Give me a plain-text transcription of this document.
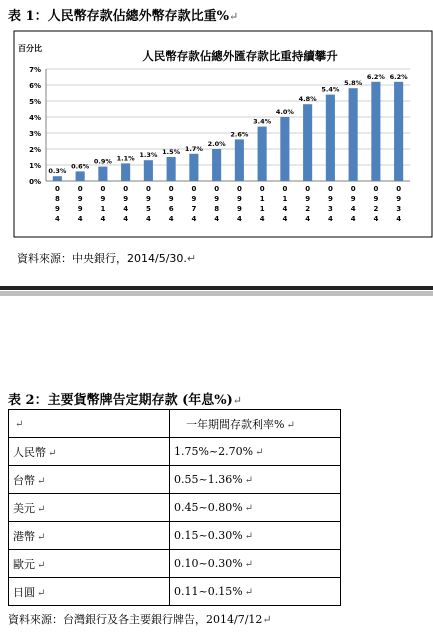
表 1：人民幣存款佔總外幣存款比重%↵
0.3%
0.6%
0.9% 1.1% 1.3% 1.5% 1.7%
2.0%
2.6%
3.4%
4.0%
4.8%
5.4%
5.8%
6.2% 6.2%
0%
1%
2%
3%
4%
5%
6%
7%
0 8 9 4
0 9 9 4
0 9 1 4
0 9 4 4
0 9 5 4
0 9 6 4
0 9 7 4
0 9 8 4
0 9 9 4
0 1 1 4
0 1 4 4
0 9 2 4
0 9 3 4
0 9 4 4
0 9 2 4
0 9 3 4
人民幣存款佔總外匯存款比重持續攀升
百分比
資料來源：中央銀行，2014/5/30.↵
表 2：主要貨幣牌告定期存款 (年息%)↵
↵	一年期間存款利率% ↵
人民幣 ↵	1.75%~2.70% ↵
台幣 ↵	0.55~1.36% ↵
美元 ↵	0.45~0.80% ↵
港幣 ↵	0.15~0.30% ↵
歐元 ↵	0.10~0.30% ↵
日圓 ↵	0.11~0.15% ↵
資料來源：台灣銀行及各主要銀行牌告，2014/7/12↵
